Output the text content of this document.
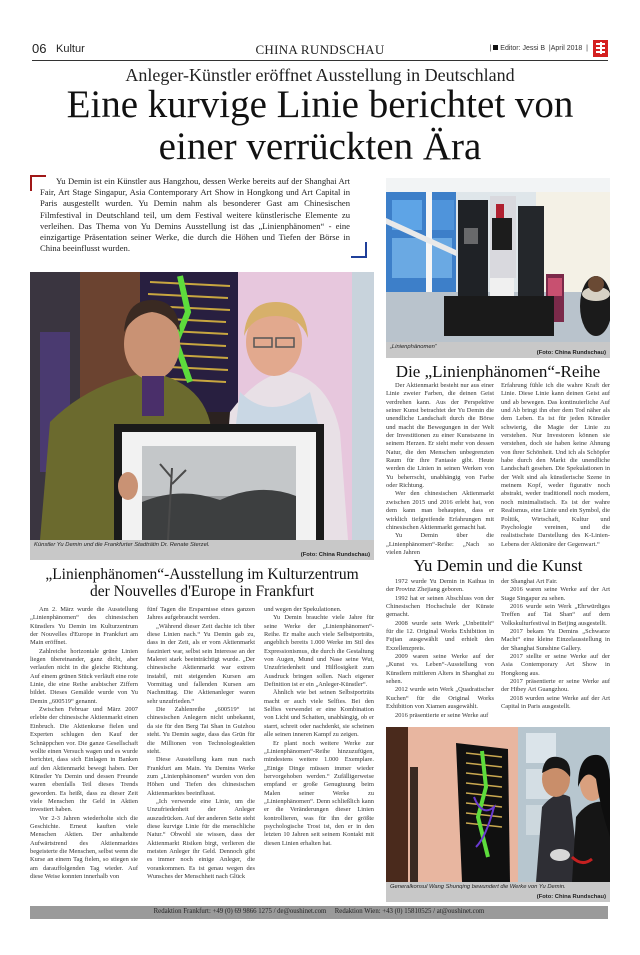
06 Kultur	CHINA RUNDSCHAU	| Editor: Jessi B  |April 2018  |
Anleger-Künstler eröffnet Ausstellung in Deutschland
Eine kurvige Linie berichtet von
einer verrückten Ära

Yu Demin ist ein Künstler aus Hangzhou, dessen Werke bereits auf der Shanghai Art Fair, Art Stage Singapur, Asia Contemporary Art Show in Hongkong und Art Capital in Paris ausgestellt wurden. Yu Demin nahm als besonderer Gast am Chinesischen Filmfestival in Deutschland teil, um dem Festival weitere künstlerische Elemente zu verleihen. Das Thema von Yu Demins Ausstellung ist das „Linienphänomen“ - eine einzigartige Präsentation seiner Werke, die durch die Höhen und Tiefen der Börse in China beeinflusst wurden.

„Linienphänomen“
(Foto: China Rundschau)
Künstler Yu Demin und die Frankfurter Stadträtin Dr. Renate Sterzel.
(Foto: China Rundschau)
Die „Linienphänomen“-Reihe

Der Aktienmarkt besteht nur aus einer Linie zweier Farben, die deinen Geist verdrehen kann. Aus der Perspektive seiner Kunst betrachtet der Yu Demin die unendliche Landschaft durch die Börse und macht die Bewegungen in der Welt der Investitionen zu einer Kunstszene in seinem Herzen. Er sieht mehr von dessen Natur, die den Menschen unbegrenzten Raum für ihre Fantasie gibt. Heute werden die Linien in seinen Werken von Yu beherrscht, unabhängig von Farbe oder Richtung.

Wer den chinesischen Aktienmarkt zwischen 2015 und 2016 erlebt hat, von dem kann man behaupten, dass er wirklich tiefgreifende Erfahrungen mit chinesischen Aktienmarkt gemacht hat.

Yu Demin über die „Linienphänomen“-Reihe: „Nach so vielen Jahren

Erfahrung fühle ich die wahre Kraft der Linie. Diese Linie kann deinen Geist auf und ab bewegen. Das kontinuierliche Auf und Ab bringt ihn eher dem Tod näher als dem Leben. Es ist für jeden Künstler schwierig, die Magie der Linie zu verstehen. Nur Investoren können sie verstehen, doch sie haben keine Ahnung von ihrer Schönheit. Und ich als Schöpfer habe durch den Markt die unendliche Landschaft gesehen. Die Spekulationen in der Welt sind als künstlerische Szene in meinem Kopf, weder figurativ noch abstrakt, weder traditionell noch modern, noch minimalistisch. Es ist der wahre Realismus, eine Linie und ein Symbol, die Politik, Wirtschaft, Kultur und Psychologie vereinen, und die realistischste Darstellung des K-Linien-Lebens der Aktionäre der Gegenwart.“

„Linienphänomen“-Ausstellung im Kulturzentrum
der Nouvelles d'Europe in Frankfurt

Am 2. März wurde die Ausstellung „Linienphänomen“ des chinesischen Künstlers Yu Demin im Kulturzentrum der Nouvelles d'Europe in Frankfurt am Main eröffnet.

Zahlreiche horizontale grüne Linien liegen übereinander, ganz dicht, aber verlaufen nicht in die gleiche Richtung. Auf einem grünen Stück verläuft eine rote Linie, die eine Reihe arabischer Ziffern bildet. Dieses Gemälde wurde von Yu Demin „600519“ genannt.

Zwischen Februar und März 2007 erlebte der chinesische Aktienmarkt einen Einbruch. Die Aktienkurse fielen und Experten schlugen den Kauf der Schnäppchen vor. Die ganze Gesellschaft wollte einen Versuch wagen und es wurde berichtet, dass sich Einlagen in Banken auf den Aktienmarkt bewegt haben. Der Künstler Yu Demin und dessen Freunde waren ebenfalls Teil dieses Trends geworden. Es heißt, dass zu dieser Zeit viele Menschen ihr Geld in Aktien investiert haben.

Vor 2-3 Jahren wiederholte sich die Geschichte. Erneut kauften viele Menschen Aktien. Der anhaltende Aufwärtstrend des Aktienmarktes begeisterte die Menschen, selbst wenn die Kurse an einem Tag fielen, so stiegen sie am darauffolgenden Tag wieder. Auf diese Weise konnten innerhalb von

fünf Tagen die Ersparnisse eines ganzen Jahres aufgebraucht werden.

„Während dieser Zeit dachte ich über diese Linien nach.“ Yu Demin gab zu, dass in der Zeit, als er vom Aktienmarkt fasziniert war, selbst sein Interesse an der Malerei stark beeinträchtigt wurde. „Der chinesische Aktienmarkt war extrem instabil, mit steigenden Kursen am Vormittag und fallenden Kursen am Nachmittag. Die Aktienanleger waren sehr unzufrieden.“

Die Zahlenreihe „600519“ ist chinesischen Anlegern nicht unbekannt, da sie für den Berg Tai Shan in Guizhou steht. Yu Demin sagte, dass das Grün für die Millionen von Technologieaktien steht.

Diese Ausstellung kam nun nach Frankfurt am Main. Yu Demins Werke zum „Linienphänomen“ wurden von den Höhen und Tiefen des chinesischen Aktienmarktes beeinflusst.

„Ich verwende eine Linie, um die Unzufriedenheit der Anleger auszudrücken. Auf der anderen Seite steht diese kurvige Linie für die menschliche Natur.“ Obwohl sie wissen, dass der Aktienmarkt Risiken birgt, verlieren die meisten Anleger ihr Geld. Dennoch gibt es immer noch einige Anleger, die vorankommen. Es ist genau wegen des Wunsches der Menschheit nach Glück

und wegen der Spekulationen.

Yu Demin brauchte viele Jahre für seine Werke der „Linienphänomen“-Reihe. Er malte auch viele Selbstporträts, angeblich bereits 1.000 Werke im Stil des Expressionismus, die durch die Gestaltung von Augen, Mund und Nase seine Wut, Unzufriedenheit und Hilflosigkeit zum Ausdruck bringen sollen. Nach eigener Definition ist er ein „Anleger-Künstler“.

Ähnlich wie bei seinen Selbstporträts macht er auch viele Selfies. Bei den Selfies verwendet er eine Kombination von Licht und Schatten, unabhängig, ob er starrt, schreit oder nachdenkt, sie scheinen alle seinen inneren Kampf zu zeigen.

Er plant noch weitere Werke zur „Linienphänomen“-Reihe hinzuzufügen, mindestens weitere 1.000 Exemplare. „Einige Dinge müssen immer wieder hervorgehoben werden.“ Zufälligerweise empfand er große Genugtuung beim Malen seiner Werke zu „Linienphänomen“. Denn schließlich kann er die Veränderungen dieser Linien kontrollieren, was für ihn der größte psychologische Trost ist, den er in den letzten 10 Jahren seit seinem Kontakt mit diesen Linien erhalten hat.

Yu Demin und die Kunst

1972 wurde Yu Demin in Kaihua in der Provinz Zhejiang geboren.

1992 hat er seinen Abschluss von der Chinesischen Hochschule der Künste gemacht.

2008 wurde sein Werk „Unbetitelt“ für die 12. Original Works Exhibition in Fujian ausgewählt und erhielt den Exzellenzpreis.

2009 waren seine Werke auf der „Kunst vs. Leben“-Ausstellung von Künstlern mittleren Alters in Shanghai zu sehen.

2012 wurde sein Werk „Quadratischer Kuchen“ für die Original Works Exhibition von Xiamen ausgewählt.

2016 präsentierte er seine Werke auf

der Shanghai Art Fair.

2016 waren seine Werke auf der Art Stage Singapur zu sehen.

2016 wurde sein Werk „Ehrwürdiges Treffen auf Tai Shan“ auf dem Volkskulturfestival in Beijing ausgestellt.

2017 bekam Yu Demins „Schwarze Macht“ eine kleine Einzelausstellung in der Shanghai Sunshine Gallery.

2017 stellte er seine Werke auf der Asia Contemporary Art Show in Hongkong aus.

2017 präsentierte er seine Werke auf der Hibey Art Guangzhou.

2018 wurden seine Werke auf der Art Capital in Paris ausgestellt.

Generalkonsul Wang Shunqing bewundert die Werke von Yu Demin.
(Foto: China Rundschau)
Redaktion Frankfurt: +49 (0) 69 9866 1275 / de@oushinet.com     Redaktion Wien: +43 (0) 15810525 / at@oushinet.com
